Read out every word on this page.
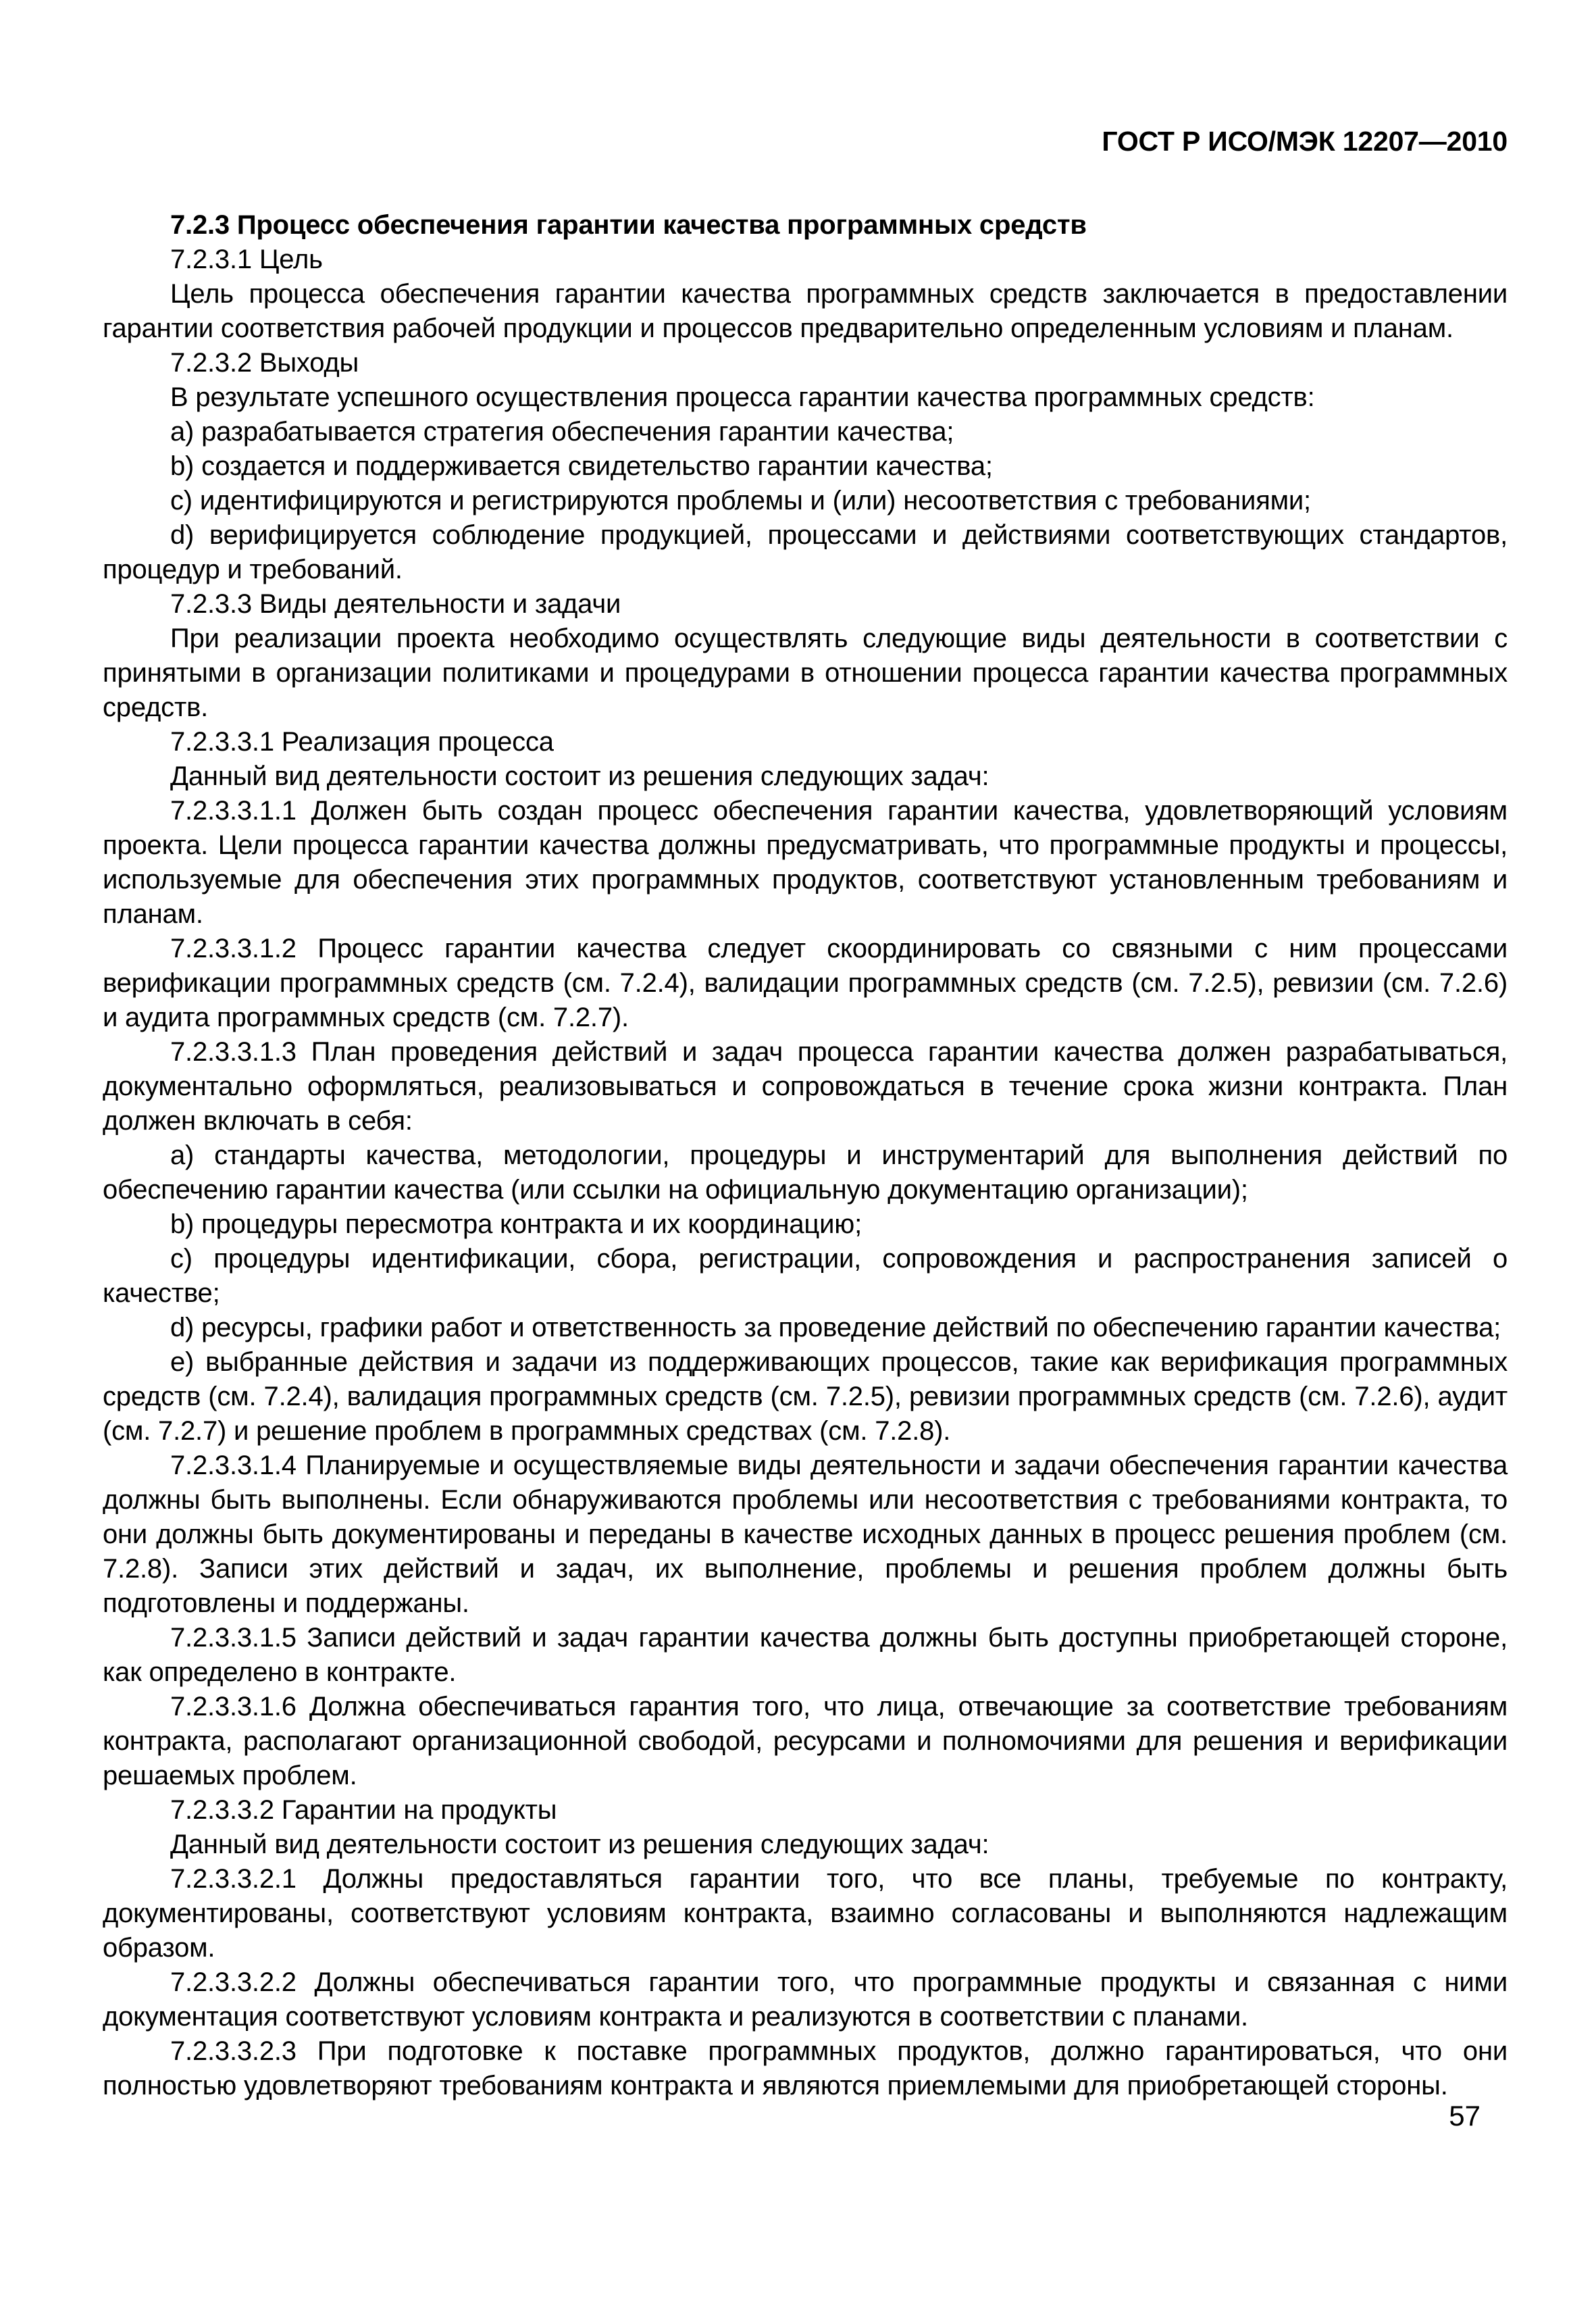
ГОСТ Р ИСО/МЭК 12207—2010

7.2.3 Процесс обеспечения гарантии качества программных средств

7.2.3.1 Цель

Цель процесса обеспечения гарантии качества программных средств заключается в предоставлении гарантии соответствия рабочей продукции и процессов предварительно определенным условиям и планам.

7.2.3.2 Выходы

В результате успешного осуществления процесса гарантии качества программных средств:

a) разрабатывается стратегия обеспечения гарантии качества;

b) создается и поддерживается свидетельство гарантии качества;

c) идентифицируются и регистрируются проблемы и (или) несоответствия с требованиями;

d) верифицируется соблюдение продукцией, процессами и действиями соответствующих стандартов, процедур и требований.

7.2.3.3 Виды деятельности и задачи

При реализации проекта необходимо осуществлять следующие виды деятельности в соответствии с принятыми в организации политиками и процедурами в отношении процесса гарантии качества программных средств.

7.2.3.3.1 Реализация процесса

Данный вид деятельности состоит из решения следующих задач:

7.2.3.3.1.1 Должен быть создан процесс обеспечения гарантии качества, удовлетворяющий условиям проекта. Цели процесса гарантии качества должны предусматривать, что программные продукты и процессы, используемые для обеспечения этих программных продуктов, соответствуют установленным требованиям и планам.

7.2.3.3.1.2 Процесс гарантии качества следует скоординировать со связными с ним процессами верификации программных средств (см. 7.2.4), валидации программных средств (см. 7.2.5), ревизии (см. 7.2.6) и аудита программных средств (см. 7.2.7).

7.2.3.3.1.3 План проведения действий и задач процесса гарантии качества должен разрабатываться, документально оформляться, реализовываться и сопровождаться в течение срока жизни контракта. План должен включать в себя:

a) стандарты качества, методологии, процедуры и инструментарий для выполнения действий по обеспечению гарантии качества (или ссылки на официальную документацию организации);

b) процедуры пересмотра контракта и их координацию;

c) процедуры идентификации, сбора, регистрации, сопровождения и распространения записей о качестве;

d) ресурсы, графики работ и ответственность за проведение действий по обеспечению гарантии качества;

e) выбранные действия и задачи из поддерживающих процессов, такие как верификация программных средств (см. 7.2.4), валидация программных средств (см. 7.2.5), ревизии программных средств (см. 7.2.6), аудит (см. 7.2.7) и решение проблем в программных средствах (см. 7.2.8).

7.2.3.3.1.4 Планируемые и осуществляемые виды деятельности и задачи обеспечения гарантии качества должны быть выполнены. Если обнаруживаются проблемы или несоответствия с требованиями контракта, то они должны быть документированы и переданы в качестве исходных данных в процесс решения проблем (см. 7.2.8). Записи этих действий и задач, их выполнение, проблемы и решения проблем должны быть подготовлены и поддержаны.

7.2.3.3.1.5 Записи действий и задач гарантии качества должны быть доступны приобретающей стороне, как определено в контракте.

7.2.3.3.1.6 Должна обеспечиваться гарантия того, что лица, отвечающие за соответствие требованиям контракта, располагают организационной свободой, ресурсами и полномочиями для решения и верификации решаемых проблем.

7.2.3.3.2 Гарантии на продукты

Данный вид деятельности состоит из решения следующих задач:

7.2.3.3.2.1 Должны предоставляться гарантии того, что все планы, требуемые по контракту, документированы, соответствуют условиям контракта, взаимно согласованы и выполняются надлежащим образом.

7.2.3.3.2.2 Должны обеспечиваться гарантии того, что программные продукты и связанная с ними документация соответствуют условиям контракта и реализуются в соответствии с планами.

7.2.3.3.2.3 При подготовке к поставке программных продуктов, должно гарантироваться, что они полностью удовлетворяют требованиям контракта и являются приемлемыми для приобретающей стороны.

57
